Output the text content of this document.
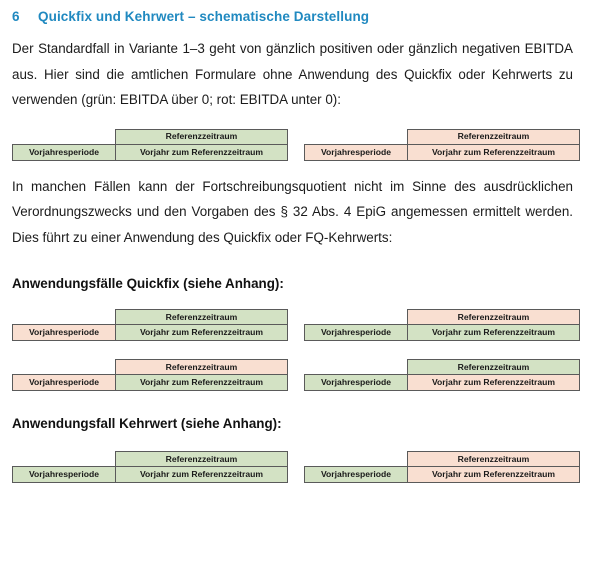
6	Quickfix und Kehrwert – schematische Darstellung

Der Standardfall in Variante 1–3 geht von gänzlich positiven oder gänzlich negativen EBITDA aus. Hier sind die amtlichen Formulare ohne Anwendung des Quickfix oder Kehrwerts zu verwenden (grün: EBITDA über 0; rot: EBITDA unter 0):

Referenzzeitraum
Vorjahresperiode	Vorjahr zum Referenzzeitraum
Referenzzeitraum
Vorjahresperiode	Vorjahr zum Referenzzeitraum

In manchen Fällen kann der Fortschreibungsquotient nicht im Sinne des ausdrücklichen Verordnungszwecks und den Vorgaben des § 32 Abs. 4 EpiG angemessen ermittelt werden. Dies führt zu einer Anwendung des Quickfix oder FQ-Kehrwerts:

Anwendungsfälle Quickfix (siehe Anhang):
Referenzzeitraum
Vorjahresperiode	Vorjahr zum Referenzzeitraum
Referenzzeitraum
Vorjahresperiode	Vorjahr zum Referenzzeitraum
Referenzzeitraum
Vorjahresperiode	Vorjahr zum Referenzzeitraum
Referenzzeitraum
Vorjahresperiode	Vorjahr zum Referenzzeitraum
Anwendungsfall Kehrwert (siehe Anhang):
Referenzzeitraum
Vorjahresperiode	Vorjahr zum Referenzzeitraum
Referenzzeitraum
Vorjahresperiode	Vorjahr zum Referenzzeitraum
